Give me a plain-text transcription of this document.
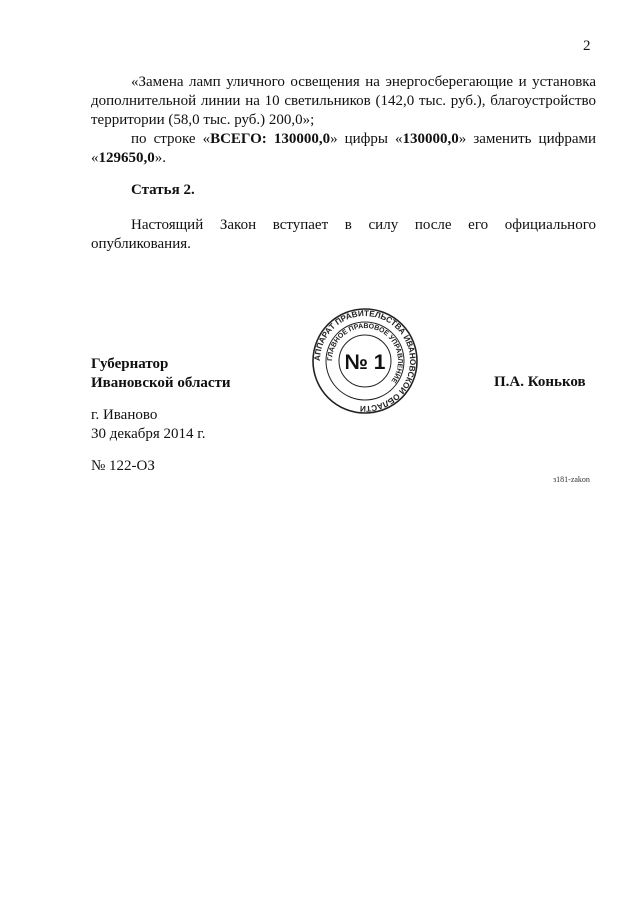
2
«Замена ламп уличного освещения на энергосберегающие и установка дополнительной линии на 10 светильников (142,0 тыс. руб.), благоустройство территории (58,0 тыс. руб.) 200,0»;
по строке «ВСЕГО: 130000,0» цифры «130000,0» заменить цифрами «129650,0».
Статья 2.
Настоящий Закон вступает в силу после его официального опубликования.
Губернатор
Ивановской области
АППАРАТ ПРАВИТЕЛЬСТВА ИВАНОВСКОЙ ОБЛАСТИ
ГЛАВНОЕ ПРАВОВОЕ УПРАВЛЕНИЕ
№ 1
П.А. Коньков
г. Иваново
30 декабря 2014 г.
№ 122-ОЗ
з181-zakon
